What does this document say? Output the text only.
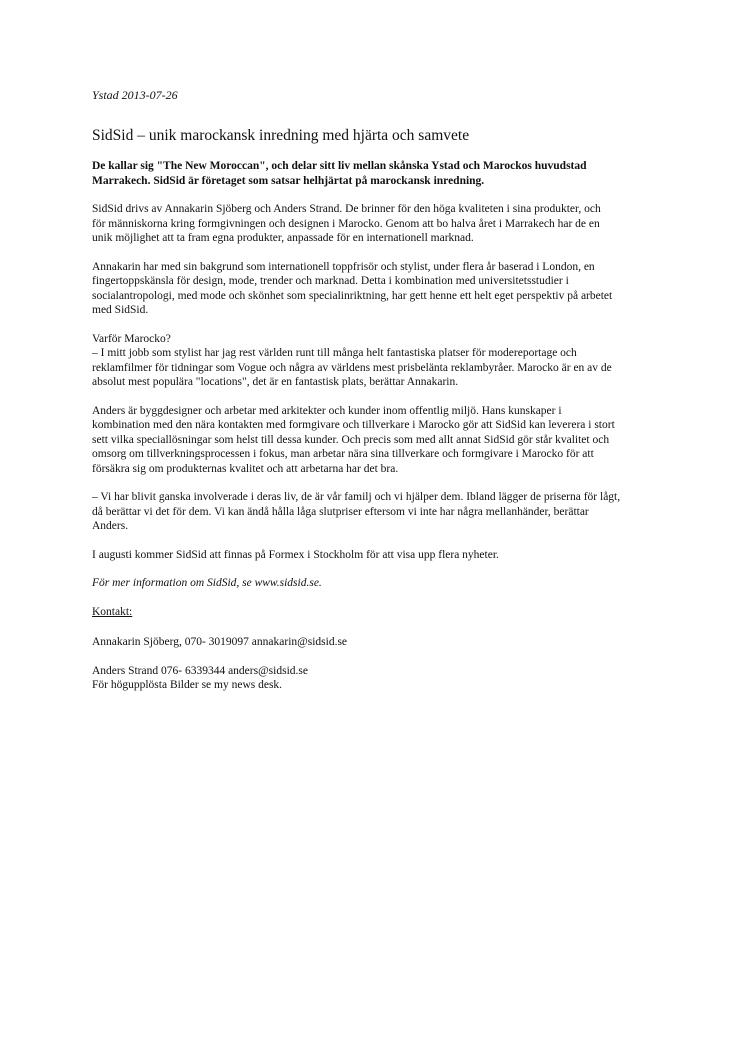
Ystad 2013-07-26
SidSid – unik marockansk inredning med hjärta och samvete
De kallar sig "The New Moroccan", och delar sitt liv mellan skånska Ystad och Marockos huvudstad
Marrakech. SidSid är företaget som satsar helhjärtat på marockansk inredning.

SidSid drivs av Annakarin Sjöberg och Anders Strand. De brinner för den höga kvaliteten i sina produkter, och
för människorna kring formgivningen och designen i Marocko. Genom att bo halva året i Marrakech har de en
unik möjlighet att ta fram egna produkter, anpassade för en internationell marknad.

Annakarin har med sin bakgrund som internationell toppfrisör och stylist, under flera år baserad i London, en
fingertoppskänsla för design, mode, trender och marknad. Detta i kombination med universitetsstudier i
socialantropologi, med mode och skönhet som specialinriktning, har gett henne ett helt eget perspektiv på arbetet
med SidSid.

Varför Marocko?
– I mitt jobb som stylist har jag rest världen runt till många helt fantastiska platser för modereportage och
reklamfilmer för tidningar som Vogue och några av världens mest prisbelänta reklambyråer. Marocko är en av de
absolut mest populära "locations", det är en fantastisk plats, berättar Annakarin.

Anders är byggdesigner och arbetar med arkitekter och kunder inom offentlig miljö. Hans kunskaper i
kombination med den nära kontakten med formgivare och tillverkare i Marocko gör att SidSid kan leverera i stort
sett vilka speciallösningar som helst till dessa kunder. Och precis som med allt annat SidSid gör står kvalitet och
omsorg om tillverkningsprocessen i fokus, man arbetar nära sina tillverkare och formgivare i Marocko för att
försäkra sig om produkternas kvalitet och att arbetarna har det bra.

– Vi har blivit ganska involverade i deras liv, de är vår familj och vi hjälper dem. Ibland lägger de priserna för lågt,
då berättar vi det för dem. Vi kan ändå hålla låga slutpriser eftersom vi inte har några mellanhänder, berättar
Anders.

I augusti kommer SidSid att finnas på Formex i Stockholm för att visa upp flera nyheter.

För mer information om SidSid, se www.sidsid.se.

Kontakt:

Annakarin Sjöberg, 070- 3019097 annakarin@sidsid.se

Anders Strand 076- 6339344 anders@sidsid.se
För högupplösta Bilder se my news desk.
